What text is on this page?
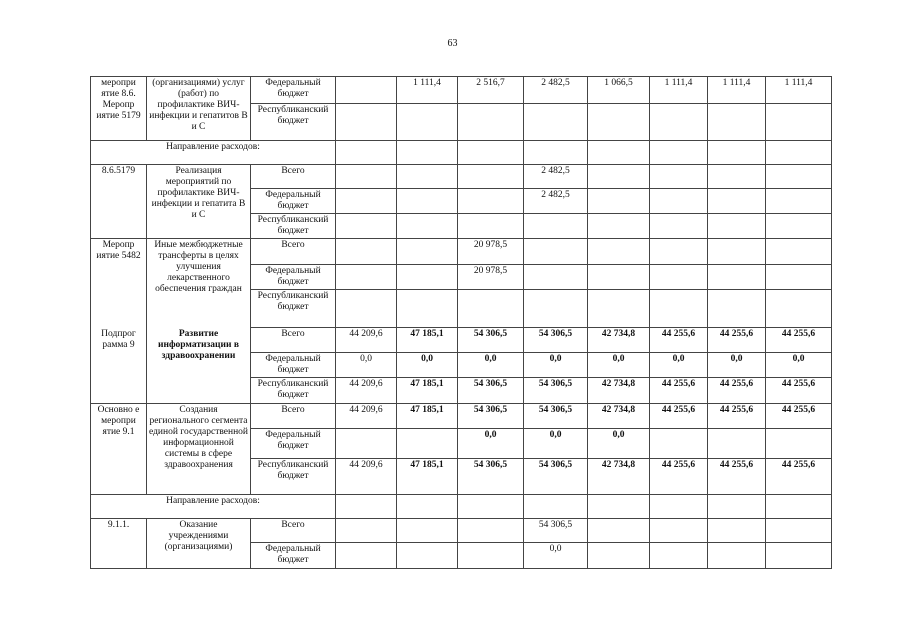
63
меропри ятие 8.6. Меропр иятие 5179	(организациями) услуг (работ) по профилактике ВИЧ-инфекции и гепатитов В и С	Федеральный бюджет		1 111,4	2 516,7	2 482,5	1 066,5	1 111,4	1 111,4	1 111,4
		Республиканский бюджет								
Направление расходов:										
8.6.5179	Реализация мероприятий по профилактике ВИЧ-инфекции и гепатита В и С	Всего				2 482,5				
		Федеральный бюджет				2 482,5				
		Республиканский бюджет								
Меропр иятие 5482	Иные межбюджетные трансферты в целях улучшения лекарственного обеспечения граждан	Всего			20 978,5					
		Федеральный бюджет			20 978,5					
		Республиканский бюджет								
Подпрог рамма 9	Развитие информатизации в здравоохранении	Всего	44 209,6	47 185,1	54 306,5	54 306,5	42 734,8	44 255,6	44 255,6	44 255,6
		Федеральный бюджет	0,0	0,0	0,0	0,0	0,0	0,0	0,0	0,0
		Республиканский бюджет	44 209,6	47 185,1	54 306,5	54 306,5	42 734,8	44 255,6	44 255,6	44 255,6
Основно е меропри ятие 9.1	Создания регионального сегмента единой государственной информационной системы в сфере здравоохранения	Всего	44 209,6	47 185,1	54 306,5	54 306,5	42 734,8	44 255,6	44 255,6	44 255,6
		Федеральный бюджет			0,0	0,0	0,0			
		Республиканский бюджет	44 209,6	47 185,1	54 306,5	54 306,5	42 734,8	44 255,6	44 255,6	44 255,6
Направление расходов:										
9.1.1.	Оказание учреждениями (организациями)	Всего				54 306,5				
		Федеральный бюджет				0,0				
